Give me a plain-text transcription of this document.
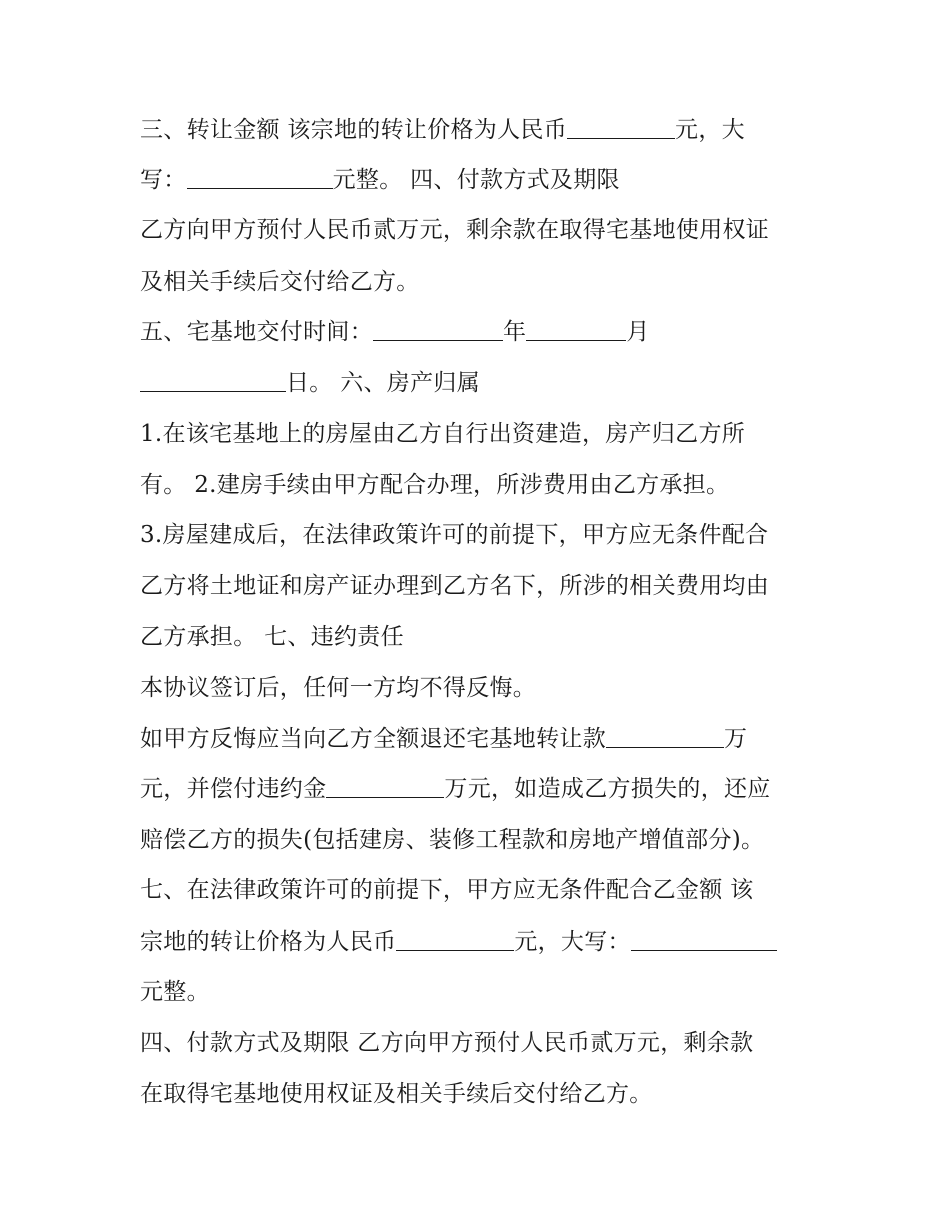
三、转让金额 该宗地的转让价格为人民币	元，大
写：	元整。 四、付款方式及期限
乙方向甲方预付人民币贰万元，剩余款在取得宅基地使用权证
及相关手续后交付给乙方。
五、宅基地交付时间：	年	月
日。 六、房产归属
1.在该宅基地上的房屋由乙方自行出资建造，房产归乙方所
有。 2.建房手续由甲方配合办理，所涉费用由乙方承担。
3.房屋建成后，在法律政策许可的前提下，甲方应无条件配合
乙方将土地证和房产证办理到乙方名下，所涉的相关费用均由
乙方承担。 七、违约责任
本协议签订后，任何一方均不得反悔。
如甲方反悔应当向乙方全额退还宅基地转让款	万
元，并偿付违约金	万元，如造成乙方损失的，还应
赔偿乙方的损失(包括建房、装修工程款和房地产增值部分)。
七、在法律政策许可的前提下，甲方应无条件配合乙金额 该
宗地的转让价格为人民币	元，大写：
元整。
四、付款方式及期限 乙方向甲方预付人民币贰万元，剩余款
在取得宅基地使用权证及相关手续后交付给乙方。
